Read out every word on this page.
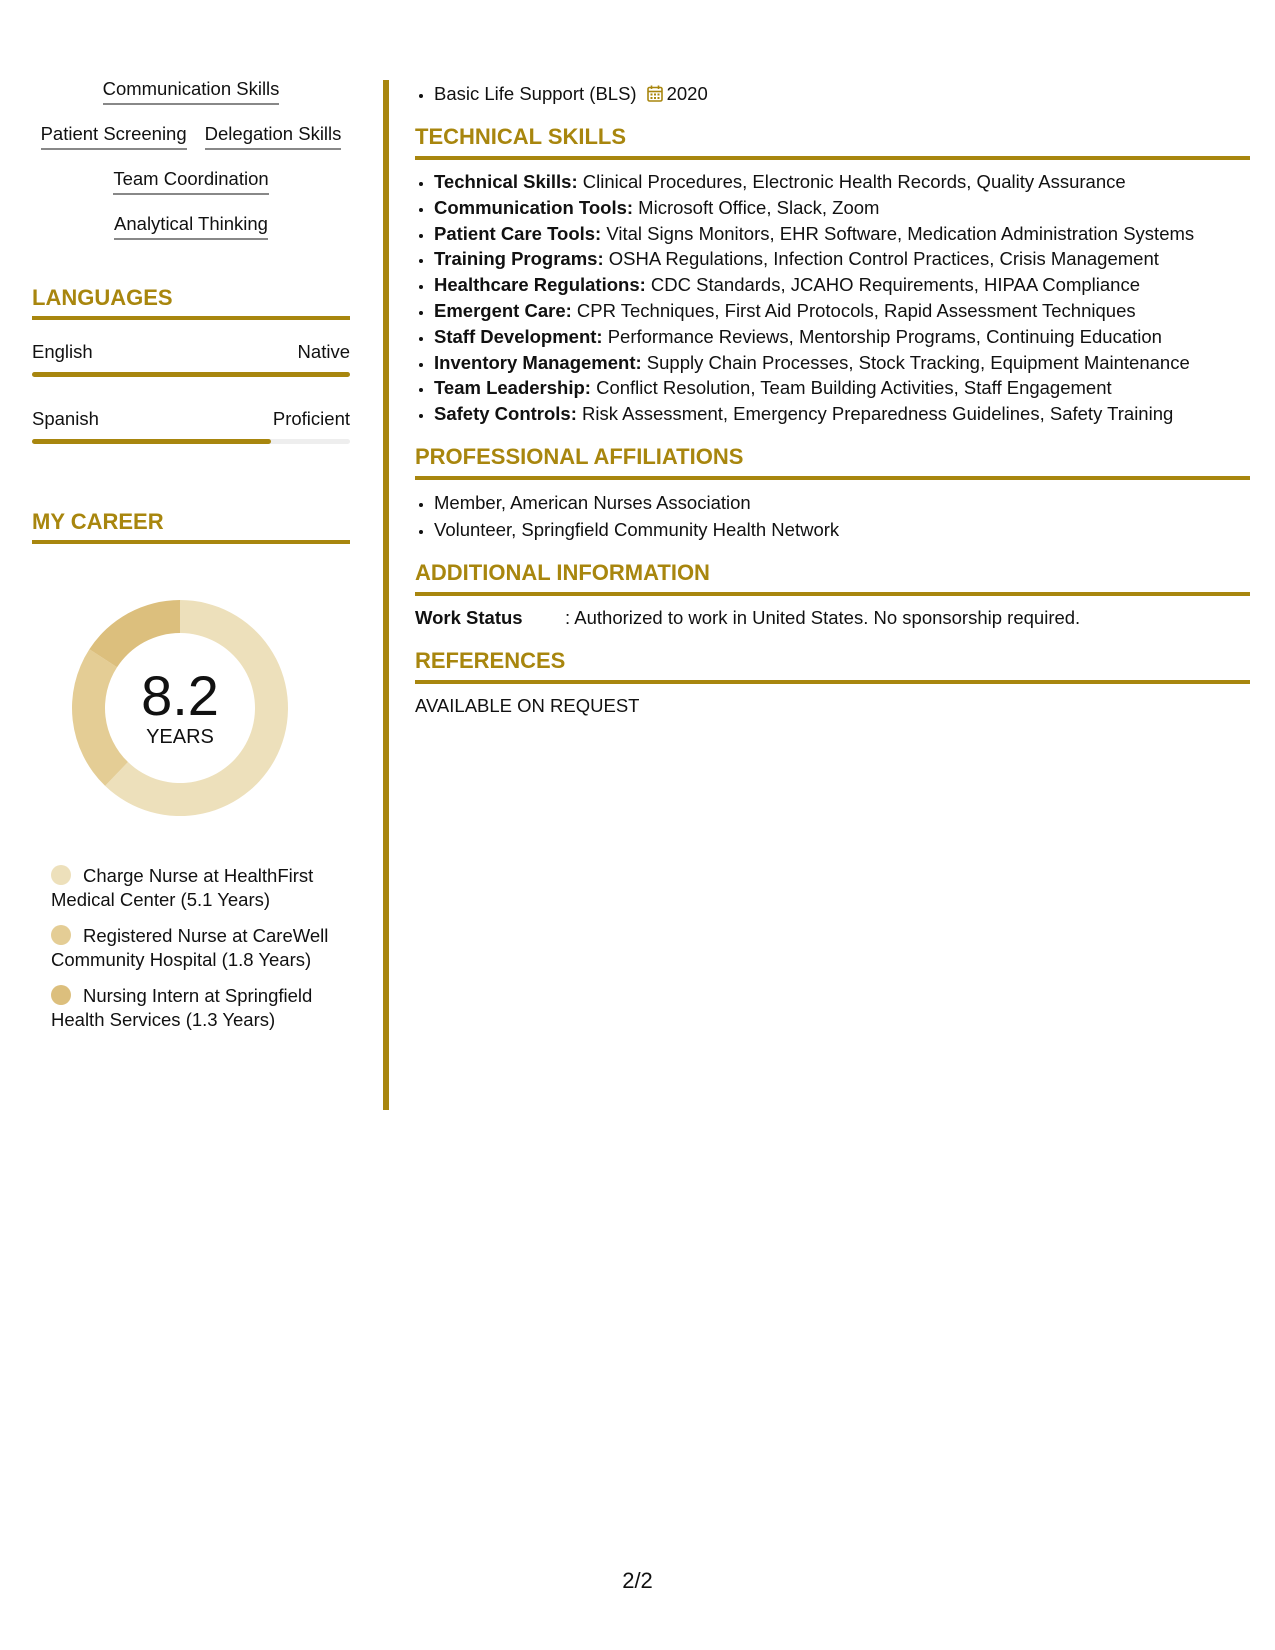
Communication Skills
Patient Screening Delegation Skills
Team Coordination
Analytical Thinking
LANGUAGES
English	Native
Spanish	Proficient
MY CAREER
8.2
YEARS
Charge Nurse at HealthFirst Medical Center (5.1 Years)
Registered Nurse at CareWell Community Hospital (1.8 Years)
Nursing Intern at Springfield Health Services (1.3 Years)
• Basic Life Support (BLS) 2020
TECHNICAL SKILLS
• Technical Skills: Clinical Procedures, Electronic Health Records, Quality Assurance
• Communication Tools: Microsoft Office, Slack, Zoom
• Patient Care Tools: Vital Signs Monitors, EHR Software, Medication Administration Systems
• Training Programs: OSHA Regulations, Infection Control Practices, Crisis Management
• Healthcare Regulations: CDC Standards, JCAHO Requirements, HIPAA Compliance
• Emergent Care: CPR Techniques, First Aid Protocols, Rapid Assessment Techniques
• Staff Development: Performance Reviews, Mentorship Programs, Continuing Education
• Inventory Management: Supply Chain Processes, Stock Tracking, Equipment Maintenance
• Team Leadership: Conflict Resolution, Team Building Activities, Staff Engagement
• Safety Controls: Risk Assessment, Emergency Preparedness Guidelines, Safety Training
PROFESSIONAL AFFILIATIONS
• Member, American Nurses Association
• Volunteer, Springfield Community Health Network
ADDITIONAL INFORMATION
Work Status	: Authorized to work in United States. No sponsorship required.
REFERENCES
AVAILABLE ON REQUEST
2/2
